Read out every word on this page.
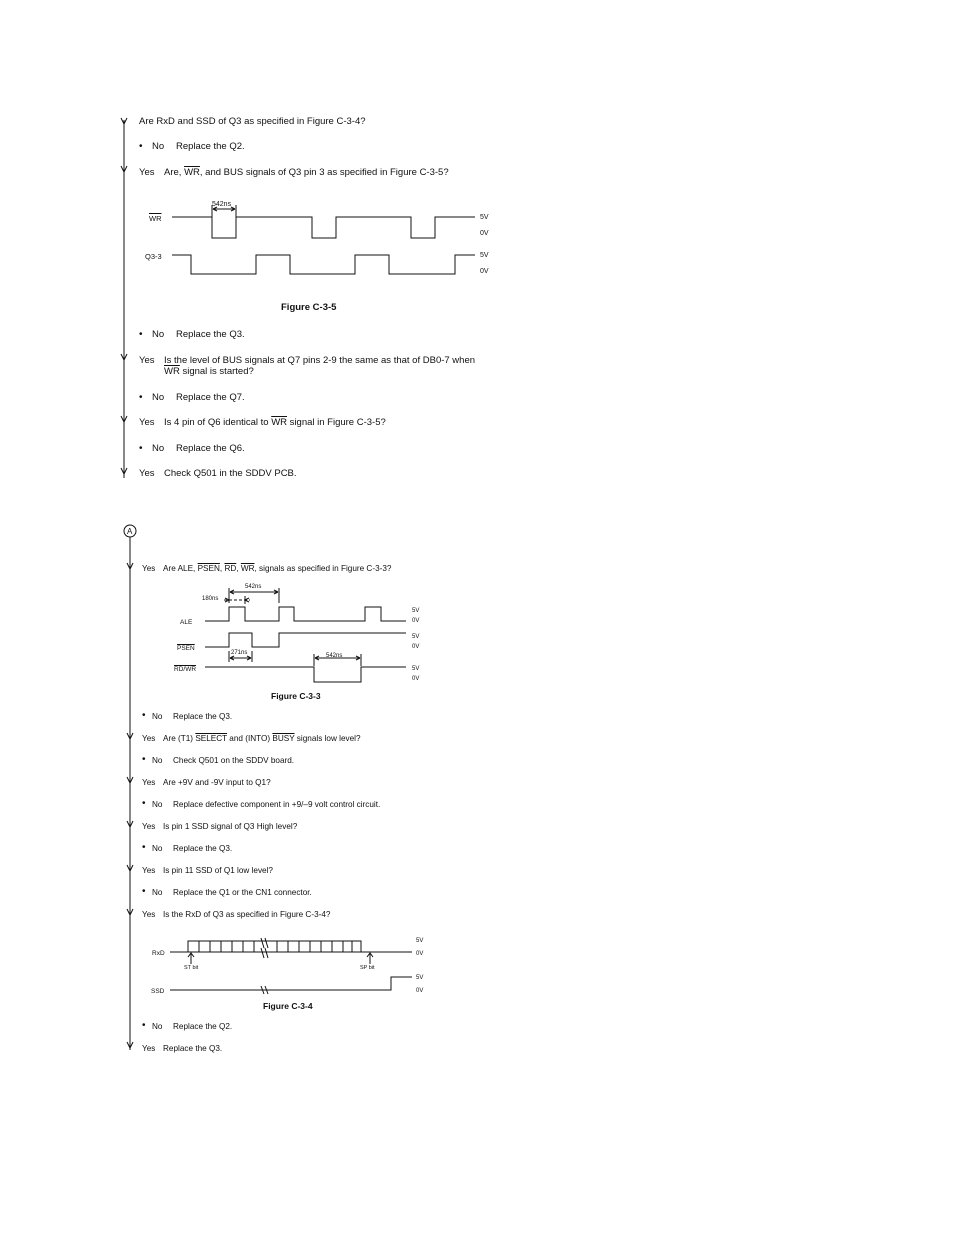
Are RxD and SSD of Q3 as specified in Figure C-3-4?
• No Replace the Q2.
Yes Are, $\overline{WR}$, and BUS signals of Q3 pin 3 as specified in Figure C-3-5?
542ns
$\overline{WR}$
Q3-3
5V
0V
5V
0V
Figure C-3-5
• No Replace the Q3.
Yes Is the level of BUS signals at Q7 pins 2-9 the same as that of DB0-7 when
$\overline{WR}$ signal is started?
• No Replace the Q7.
Yes Is 4 pin of Q6 identical to $\overline{WR}$ signal in Figure C-3-5?
• No Replace the Q6.
Yes Check Q501 in the SDDV PCB.
A
Yes Are ALE, PSEN, $\overline{RD}$, $\overline{WR}$, signals as specified in Figure C-3-3?
542ns
180ns
271ns	542ns
ALE
PSEN
RD/WR
5V
0V
5V
0V
5V
0V
Figure C-3-3
• No Replace the Q3.
Yes Are (T1) SELECT and (INTO) BUSY signals low level?
• No Check Q501 on the SDDV board.
Yes Are +9V and -9V input to Q1?
• No Replace defective component in +9/–9 volt control circuit.
Yes Is pin 1 SSD signal of Q3 High level?
• No Replace the Q3.
Yes Is pin 11 SSD of Q1 low level?
• No Replace the Q1 or the CN1 connector.
Yes Is the RxD of Q3 as specified in Figure C-3-4?
RxD
SSD
ST bit	SP bit
5V
0V
5V
0V
Figure C-3-4
• No Replace the Q2.
Yes Replace the Q3.
